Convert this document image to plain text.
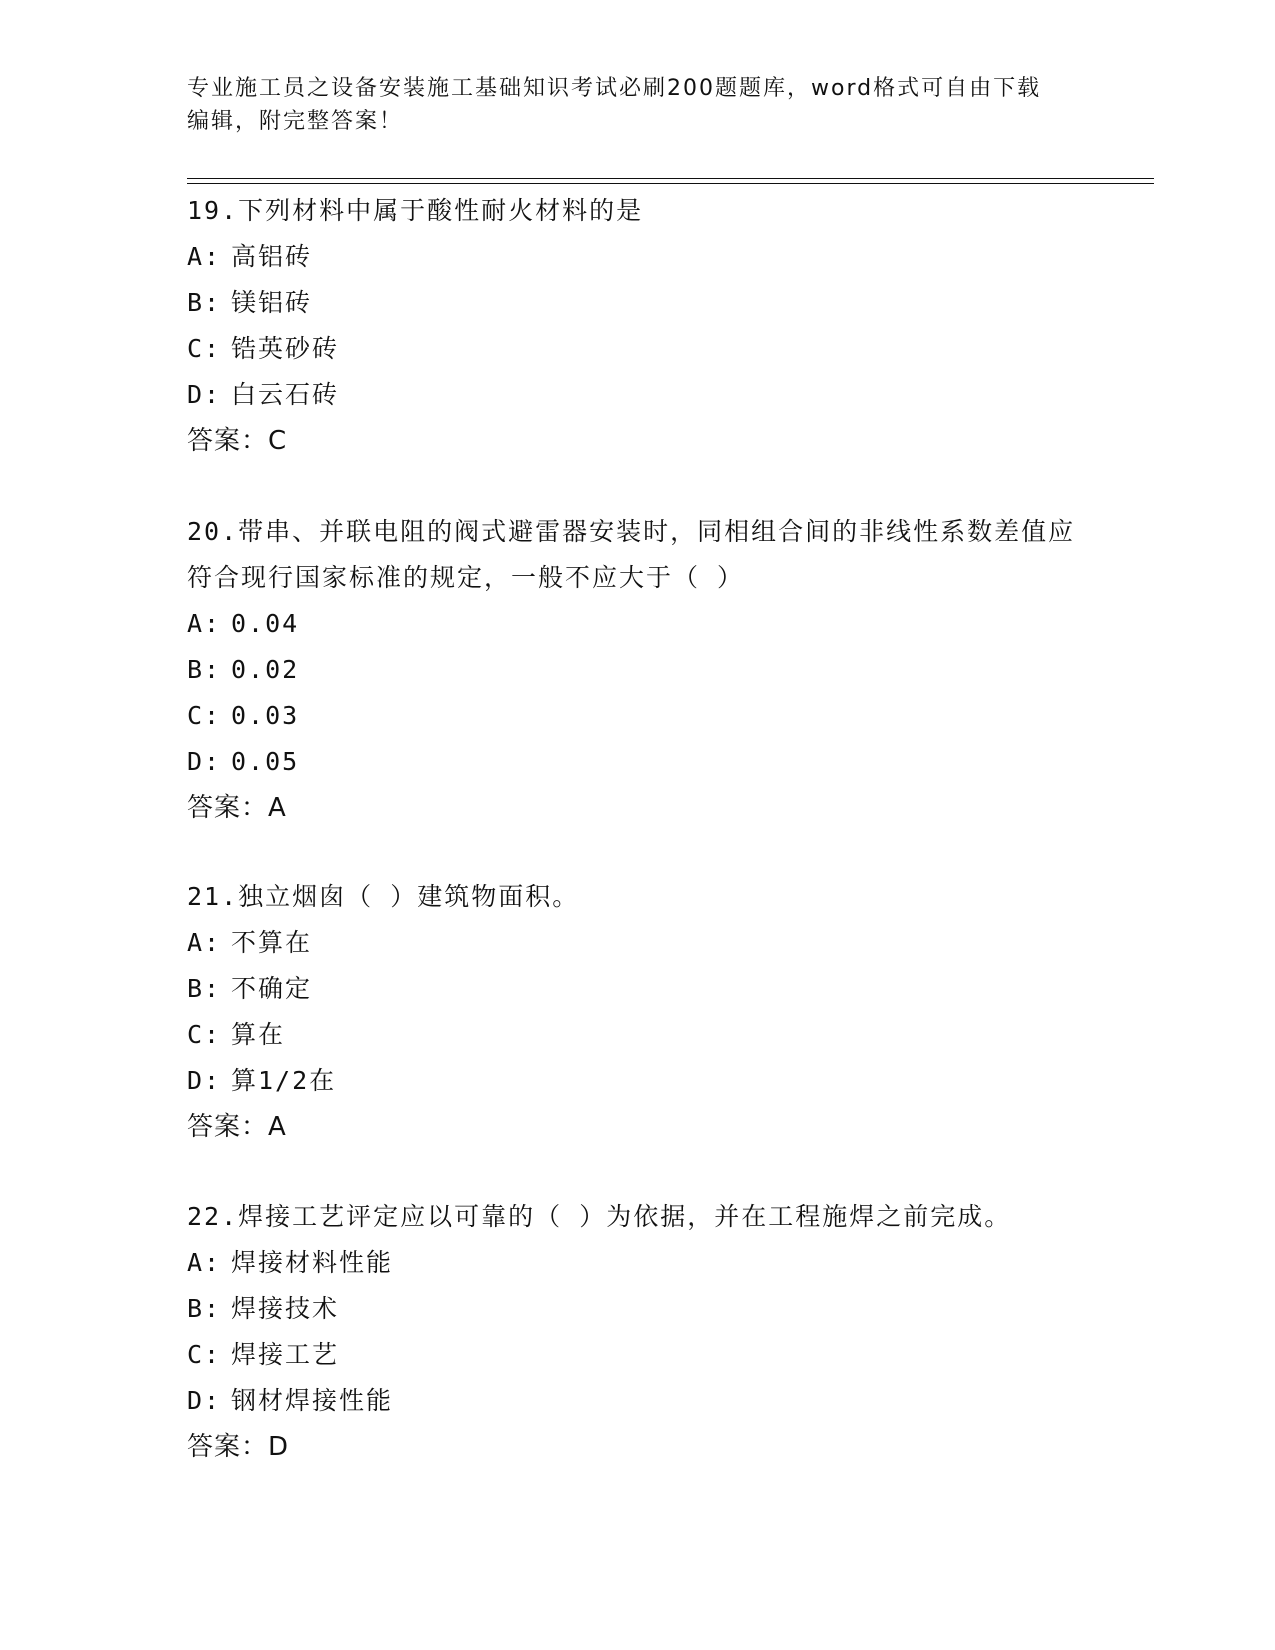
专业施工员之设备安装施工基础知识考试必刷200题题库，word格式可自由下载
编辑，附完整答案！
19.下列材料中属于酸性耐火材料的是
A: 高铝砖
B: 镁铝砖
C: 锆英砂砖
D: 白云石砖
答案：C
20.带串、并联电阻的阀式避雷器安装时，同相组合间的非线性系数差值应符合现行国家标准的规定，一般不应大于（ ）
A: 0.04
B: 0.02
C: 0.03
D: 0.05
答案：A
21.独立烟囱（ ）建筑物面积。
A: 不算在
B: 不确定
C: 算在
D: 算1/2在
答案：A
22.焊接工艺评定应以可靠的（ ）为依据，并在工程施焊之前完成。
A: 焊接材料性能
B: 焊接技术
C: 焊接工艺
D: 钢材焊接性能
答案：D
